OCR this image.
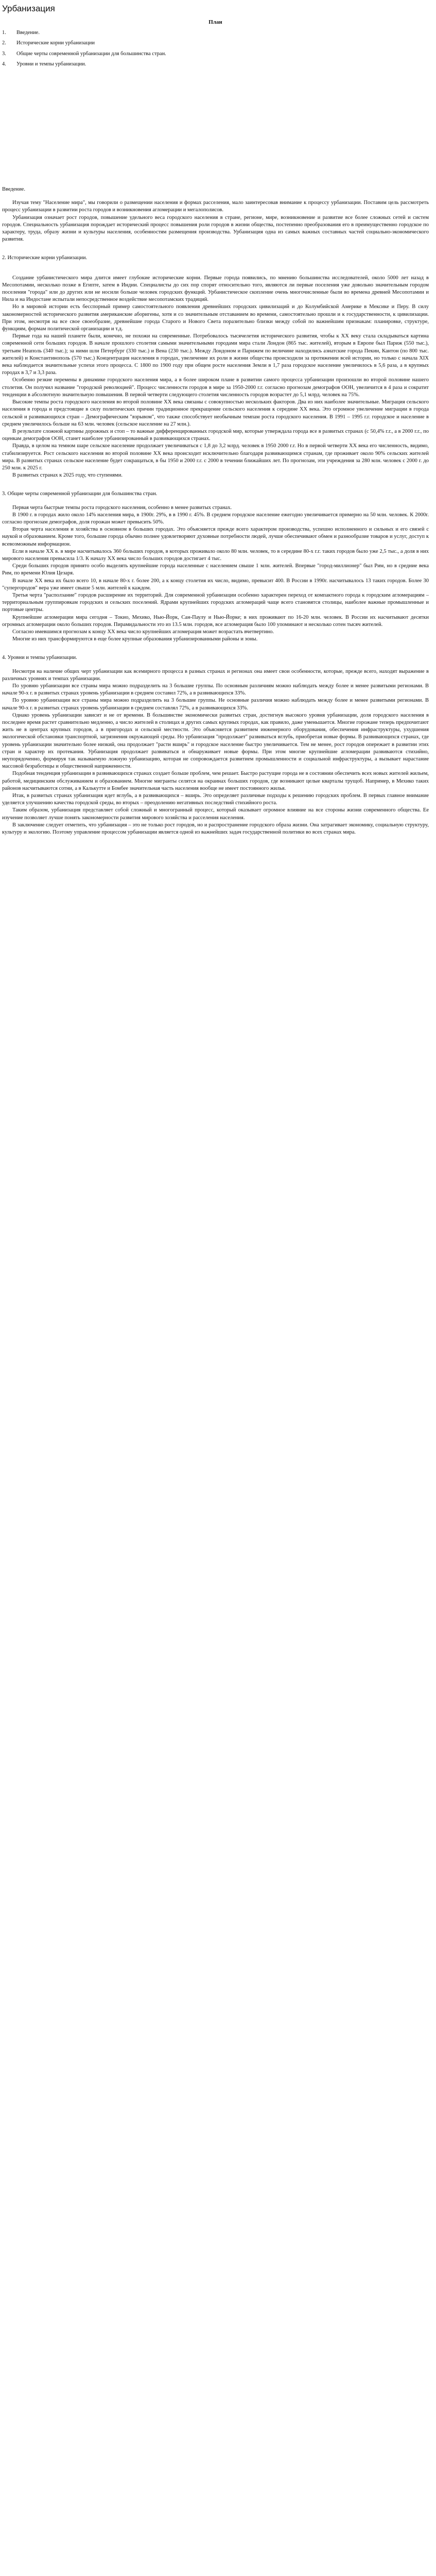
Урбанизация
План
1.	Введение.
2.	Исторические корни урбанизации
3.	Общие черты современной урбанизации для большинства стран.
4.	Уровни и темпы урбанизации.
Введение.

Изучая тему "Население мира", мы говорили о размещении населения и формах расселения, мало заинтересовав внимание к процессу урбанизации. Поставим цель рассмотреть процесс урбанизации в развитии роста городов и возникновения агломерации и мегалополисов.

Урбанизация означает рост городов, повышение удельного веса городского населения в стране, регионе, мире, возникновение и развитие все более сложных сетей и систем городов. Специальность урбанизация порождает исторический процесс повышения роли городов в жизни общества, постепенно преобразования его в преимущественно городское по характеру, труда, образу жизни и культуры населения, особенностям размещения производства. Урбанизация одна из самых важных составных частей социально-экономического развития.

2. Исторические корни урбанизации.

Создание урбанистического мира длится имеет глубокие исторические корни. Первые города появились, по мнению большинства исследователей, около 5000 лет назад в Месопотамии, несколько позже в Египте, затем в Индии. Специалисты до сих пор спорят относительно того, являются ли первые поселения уже довольно значительным городом поселения "города" или до других или не носили больше человек городских функций. Урбанистическое скопление очень многочисленные были во времена древней Месопотамии и Нила и на Индостане испытали непосредственное воздействие месопотамских традиций.

Но в мировой истории есть бесспорный пример самостоятельного появления древнейших городских цивилизаций и до Колумбийской Америке в Мексике и Перу. В силу закономерностей исторического развития американские аборигены, хотя и со значительным отставанием во времени, самостоятельно прошли и к государственности, к цивилизации. При этом, несмотря на все свое своеобразие, древнейшие города Старого и Нового Света поразительно близки между собой по важнейшим признакам: планировке, структуре, функциям, формам политической организации и т.д.

Первые года на нашей планете были, конечно, не похожи на современные. Потребовалось тысячелетия исторического развития, чтобы к XX веку стала складываться картина современной сети больших городов. В начале прошлого столетия самыми значительными городами мира стали Лондон (865 тыс. жителей), вторым в Европе был Париж (550 тыс.), третьим Неаполь (340 тыс.); за ними шли Петербург (330 тыс.) и Вена (230 тыс.). Между Лондоном и Парижем по величине находились азиатские города Пекин, Кантон (по 800 тыс. жителей) и Константинополь (570 тыс.) Концентрация населения в городах, увеличение их роли в жизни общества происходили за протяжении всей истории, но только с начала XIX века наблюдается значительные успехи этого процесса. С 1800 по 1900 году при общем росте населения Земли в 1,7 раза городское население увеличилось в 5,6 раза, а в крупных городах в 3,7 и 3,3 раза.

Особенно резкие перемены в динамике городского населения мира, а в более широком плане в развитии самого процесса урбанизации произошли во второй половине нашего столетия. Он получил название "городской революцией". Процесс численности городов в мире за 1950-2000 г.г. согласно прогнозам демографов ООН, увеличится в 4 раза и сократит тенденции в абсолютную значительную повышения. В первой четверти следующего столетия численность городов возрастет до 5,1 млрд. человек на 75%.

Высокие темпы роста городского населения во второй половине XX века связаны с совокупностью нескольких факторов. Два из них наиболее значительные. Миграция сельского населения в города и предстоящие в силу политических причин традиционное прекращение сельского населения к середине XX века. Это огромное увеличение миграции в города сельской и развивающихся стран – Демографическим "взрывом", что также способствует необычным темпам роста городского населения. В 1991 – 1995 г.г. городское и население в среднем увеличилось больше на 63 млн. человек (сельское население на 27 млн.).

В результате сложной картины дорожных и стоп – то важные дифференцированных городской мир, которые утверждала города все в развитых странах (с 50,4% г.г., а в 2000 г.г., по оценкам демографов ООН, станет наиболее урбанизированный в развивающихся странах.

Правда, в целом на темном шаре сельское население продолжает увеличиваться с 1,8 до 3,2 млрд. человек в 1950 2000 г.г. Но в первой четверти XX века его численность, видимо, стабилизируется. Рост сельского населения во второй половине XX века происходит исключительно благодаря развивающимся странам, где проживает около 90% сельских жителей мира. В развитых странах сельское население будет сокращаться, в бы 1950 и 2000 г.г. с 2000 в течении ближайших лет. По прогнозам, эти учреждения за 280 млн. человек с 2000 г. до 250 млн. к 2025 г.

В развитых странах к 2025 году, что ступенями.

3. Общие черты современной урбанизации для большинства стран.

Первая черта быстрые темпы роста городского населения, особенно в менее развитых странах.

В 1900 г. в городах жило около 14% населения мира, в 1900г. 29%, в в 1990 г. 45%. В среднем городское население ежегодно увеличивается примерно на 50 млн. человек. К 2000г. согласно прогнозам демографов, доля горожан может превысить 50%.

Вторая черта населения и хозяйства в основном в больших городах. Это объясняется прежде всего характером производства, успешно исполненного и сильных и его связей с наукой и образованием. Кроме того, большие города обычно полнее удовлетворяют духовные потребности людей, лучше обеспечивают обмен и разнообразие товаров и услуг, доступ к всевозможным информацион.

Если в начале XX в. в мире насчитывалось 360 больших городов, в которых проживало около 80 млн. человек, то в середине 80-х г.г. таких городов было уже 2,5 тыс., а доля в них мирового населения превысила 1/3. К началу XX века число больших городов достигает 4 тыс.

Среди больших городов принято особо выделять крупнейшие города населенные с населением свыше 1 млн. жителей. Впервые "город-миллионер" был Рим, но в средние века Рим, по времени Юлия Цезаря.

В начале XX века их было всего 10, в начале 80-х г. более 200, а к концу столетия их число, видимо, превысит 400. В России в 1990г. насчитывалось 13 таких городов. Более 30 "супергородов" вера уже имеет свыше 5 млн. жителей к каждом.

Третья черта "расползание" городов расширение их территорий. Для современной урбанизации особенно характерен переход от компактного города к городским агломерациям – территориальным группировкам городских и сельских поселений. Ядрами крупнейших городских агломераций чаще всего становятся столицы, наиболее важные промышленные и портовые центры.

Крупнейшие агломерации мира сегодня – Токио, Мехико, Нью-Йорк, Сан-Паулу и Нью-Йорке; в них проживают по 16-20 млн. человек. В России их насчитывают десятки огромных агломерации около больших городов. Пирамидальности это из 13.5 млн. городов, все агломерация было 100 упоминают и несколько сотен тысяч жителей.

Согласно имевшимся прогнозам к концу XX века число крупнейших агломерация может возрастать вчетвертино.

Многие из них трансформируются в еще более крупные образования урбанизированными районы и зоны.

4. Уровни и темпы урбанизации.

Несмотря на наличие общих черт урбанизации как всемирного процесса в разных странах и регионах она имеет свои особенности, которые, прежде всего, находят выражение в различных уровнях и темпах урбанизации.

По уровню урбанизации все страны мира можно подразделить на 3 большие группы. По основным различиям можно наблюдать между более и менее развитыми регионами. В начале 90-х г. в развитых странах уровень урбанизации в среднем составил 72%, а в развивающихся 33%.

По уровню урбанизации все страны мира можно подразделить на 3 большие группы. Не основные различия можно наблюдать между более и менее развитыми регионами. В начале 90-х г. в развитых странах уровень урбанизации в среднем составлял 72%, а в развивающихся 33%.

Однако уровень урбанизации зависит и не от времени. В большинстве экономически развитых стран, достигнув высокого уровня урбанизации, доля городского населения в последнее время растет сравнительно медленно, а число жителей в столицах и других самых крупных городах, как правило, даже уменьшается. Многие горожане теперь предпочитают жить не в центрах крупных городов, а в пригородах и сельской местности. Это объясняется развитием инженерного оборудования, обеспечения инфраструктуры, ухудшения экологической обстановки транспортной, загрязнения окружающей среды. Но урбанизация "продолжает" развиваться вглубь, приобретая новые формы. В развивающихся странах, где уровень урбанизации значительно более низкий, она продолжает "расти вширь" и городское население быстро увеличивается. Тем не менее, рост городов опережает в развитии этих стран и характер их протекания. Урбанизация продолжает развиваться и обнаруживает новые формы. При этом многие крупнейшие агломерации развиваются стихийно, неупорядоченно, формируя так называемую ложную урбанизацию, которая не сопровождается развитием промышленности и социальной инфраструктуры, а вызывает нарастание массовой безработицы и общественной напряженности.

Подобная тенденция урбанизации в развивающихся странах создает больше проблем, чем решает. Быстро растущие города не в состоянии обеспечить всех новых жителей жильем, работой, медицинским обслуживанием и образованием. Многие мигранты селятся на окраинах больших городов, где возникают целые кварталы трущоб. Например, в Мехико таких районов насчитываются сотни, а в Калькутте и Бомбее значительная часть населения вообще не имеет постоянного жилья.

Итак, в развитых странах урбанизация идет вглубь, а в развивающихся – вширь. Это определяет различные подходы к решению городских проблем. В первых главное внимание уделяется улучшению качества городской среды, во вторых – преодолению негативных последствий стихийного роста.

Таким образом, урбанизация представляет собой сложный и многогранный процесс, который оказывает огромное влияние на все стороны жизни современного общества. Ее изучение позволяет лучше понять закономерности развития мирового хозяйства и расселения населения.

В заключение следует отметить, что урбанизация – это не только рост городов, но и распространение городского образа жизни. Она затрагивает экономику, социальную структуру, культуру и экологию. Поэтому управление процессом урбанизации является одной из важнейших задач государственной политики во всех странах мира.
